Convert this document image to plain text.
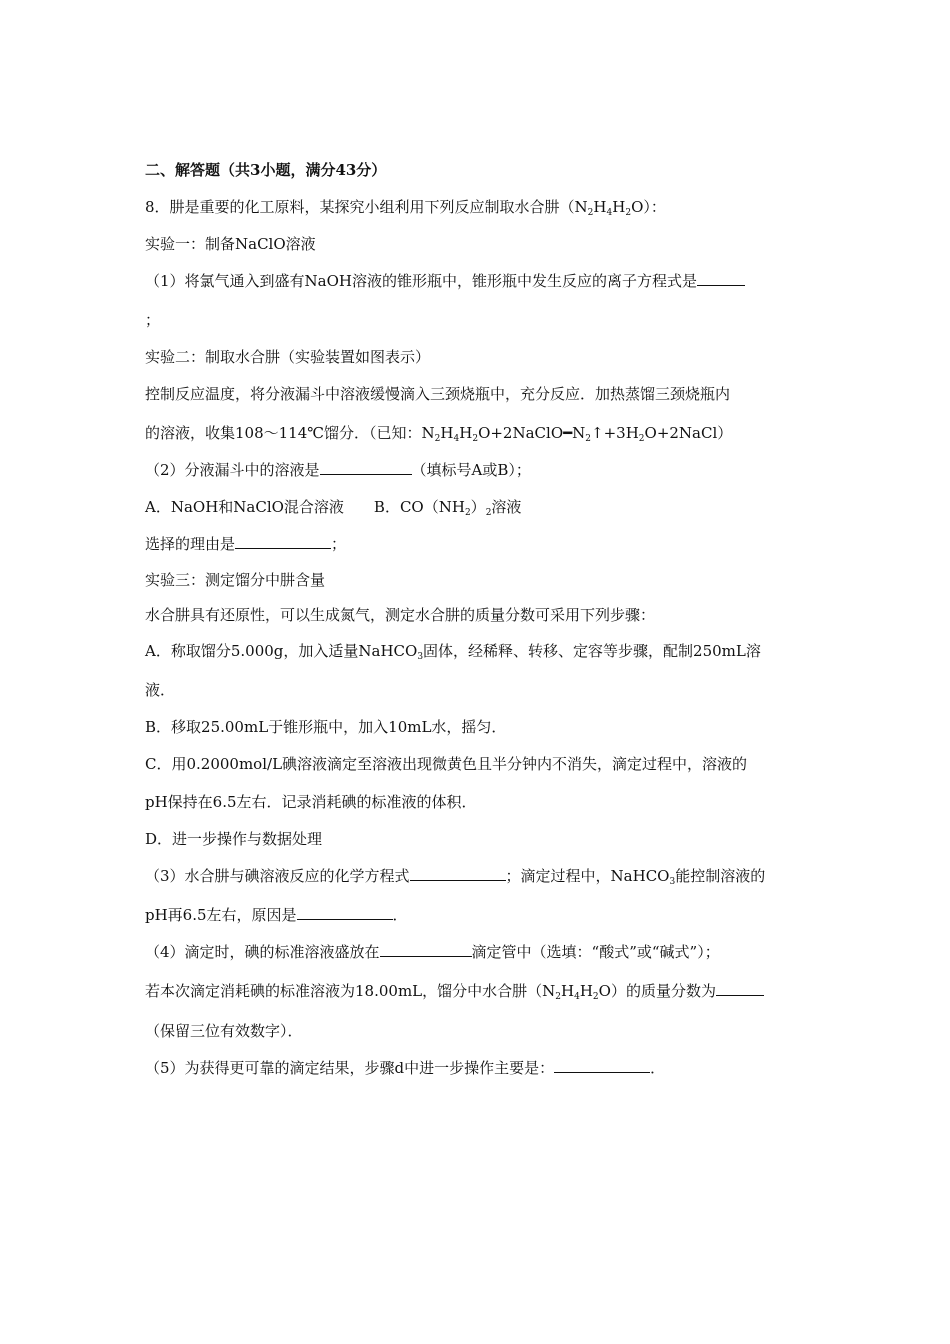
二、解答题（共3小题，满分43分）
8．肼是重要的化工原料，某探究小组利用下列反应制取水合肼$(N_2H_4H_2O)$：
实验一：制备NaClO溶液
（1）将氯气通入到盛有NaOH溶液的锥形瓶中，锥形瓶中发生反应的离子方程式是
；
实验二：制取水合肼（实验装置如图表示）
控制反应温度，将分液漏斗中溶液缓慢滴入三颈烧瓶中，充分反应．加热蒸馏三颈烧瓶内
的溶液，收集108～114℃馏分．（已知：$N_2H_4H_2O+2NaClO━N_2↑+3H_2O+2NaCl$）
（2）分液漏斗中的溶液是	（填标号A或B）；
A．NaOH和NaClO混合溶液　　B．$CO(NH_2)_2$溶液
选择的理由是	；
实验三：测定馏分中肼含量
水合肼具有还原性，可以生成氮气，测定水合肼的质量分数可采用下列步骤：
A．称取馏分5.000g，加入适量NaHCO$_3$固体，经稀释、转移、定容等步骤，配制250mL溶
液．
B．移取25.00mL于锥形瓶中，加入10mL水，摇匀．
C．用0.2000mol/L碘溶液滴定至溶液出现微黄色且半分钟内不消失，滴定过程中，溶液的
pH保持在6.5左右．记录消耗碘的标准液的体积．
D．进一步操作与数据处理
（3）水合肼与碘溶液反应的化学方程式	；滴定过程中，NaHCO$_3$能控制溶液的
pH再6.5左右，原因是	．
（4）滴定时，碘的标准溶液盛放在	滴定管中（选填：“酸式”或“碱式”）；
若本次滴定消耗碘的标准溶液为18.00mL，馏分中水合肼$(N_2H_4H_2O)$的质量分数为
（保留三位有效数字）．
（5）为获得更可靠的滴定结果，步骤d中进一步操作主要是：	．
